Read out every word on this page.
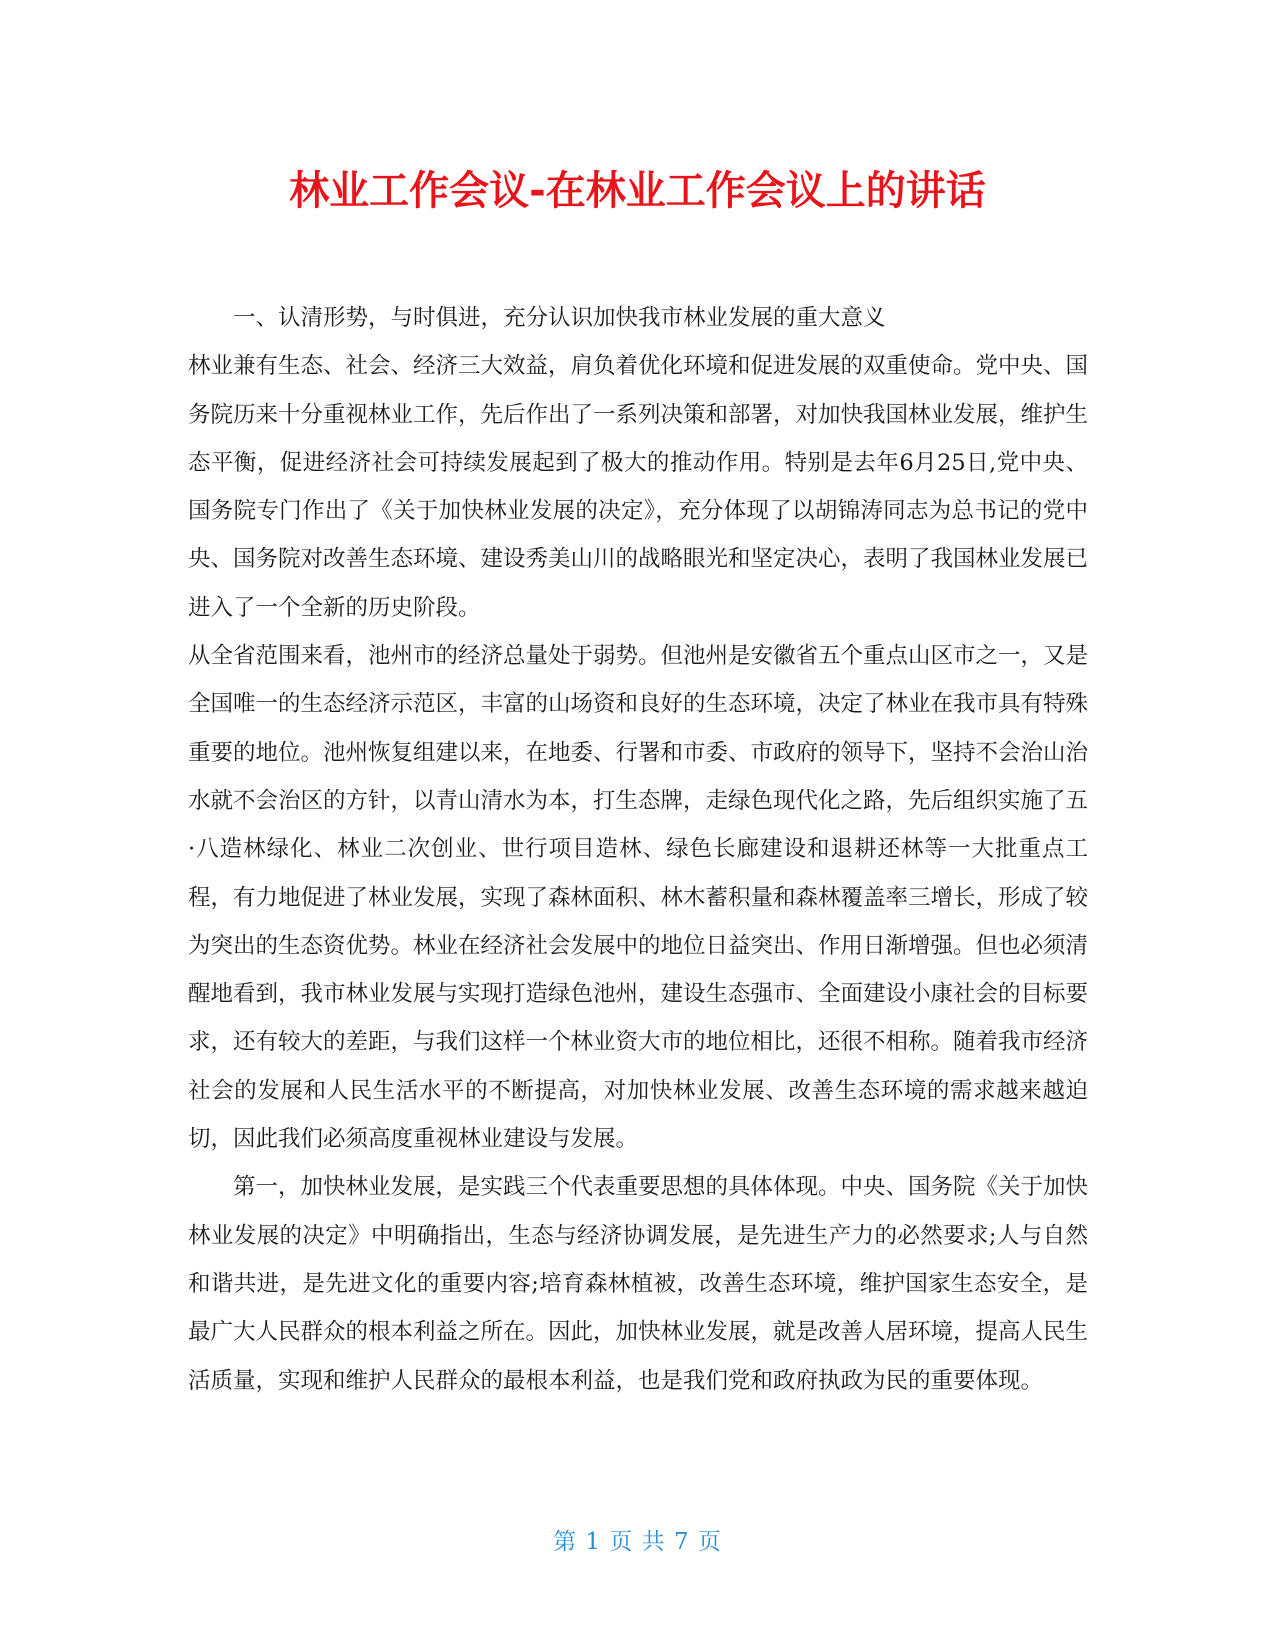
林业工作会议-在林业工作会议上的讲话

一、认清形势，与时俱进，充分认识加快我市林业发展的重大意义

林业兼有生态、社会、经济三大效益，肩负着优化环境和促进发展的双重使命。党中央、国务院历来十分重视林业工作，先后作出了一系列决策和部署，对加快我国林业发展，维护生态平衡，促进经济社会可持续发展起到了极大的推动作用。特别是去年6月25日,党中央、国务院专门作出了《关于加快林业发展的决定》，充分体现了以胡锦涛同志为总书记的党中央、国务院对改善生态环境、建设秀美山川的战略眼光和坚定决心，表明了我国林业发展已进入了一个全新的历史阶段。

从全省范围来看，池州市的经济总量处于弱势。但池州是安徽省五个重点山区市之一，又是全国唯一的生态经济示范区，丰富的山场资和良好的生态环境，决定了林业在我市具有特殊重要的地位。池州恢复组建以来，在地委、行署和市委、市政府的领导下，坚持不会治山治水就不会治区的方针，以青山清水为本，打生态牌，走绿色现代化之路，先后组织实施了五·八造林绿化、林业二次创业、世行项目造林、绿色长廊建设和退耕还林等一大批重点工程，有力地促进了林业发展，实现了森林面积、林木蓄积量和森林覆盖率三增长，形成了较为突出的生态资优势。林业在经济社会发展中的地位日益突出、作用日渐增强。但也必须清醒地看到，我市林业发展与实现打造绿色池州，建设生态强市、全面建设小康社会的目标要求，还有较大的差距，与我们这样一个林业资大市的地位相比，还很不相称。随着我市经济社会的发展和人民生活水平的不断提高，对加快林业发展、改善生态环境的需求越来越迫切，因此我们必须高度重视林业建设与发展。

第一，加快林业发展，是实践三个代表重要思想的具体体现。中央、国务院《关于加快林业发展的决定》中明确指出，生态与经济协调发展，是先进生产力的必然要求;人与自然和谐共进，是先进文化的重要内容;培育森林植被，改善生态环境，维护国家生态安全，是最广大人民群众的根本利益之所在。因此，加快林业发展，就是改善人居环境，提高人民生活质量，实现和维护人民群众的最根本利益，也是我们党和政府执政为民的重要体现。

第 1 页 共 7 页
